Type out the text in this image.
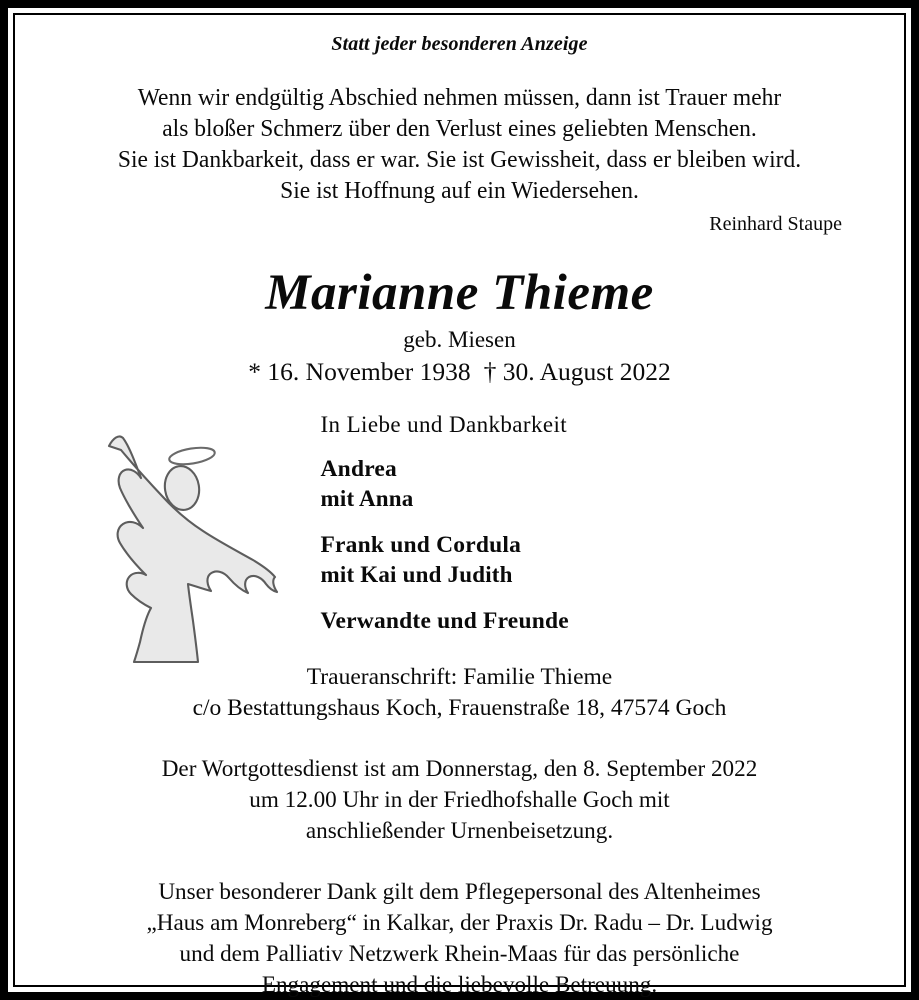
Statt jeder besonderen Anzeige
Wenn wir endgültig Abschied nehmen müssen, dann ist Trauer mehr
als bloßer Schmerz über den Verlust eines geliebten Menschen.
Sie ist Dankbarkeit, dass er war. Sie ist Gewissheit, dass er bleiben wird.
Sie ist Hoffnung auf ein Wiedersehen.
Reinhard Staupe
Marianne Thieme
geb. Miesen
* 16. November 1938 † 30. August 2022
In Liebe und Dankbarkeit
Andrea
mit Anna
Frank und Cordula
mit Kai und Judith
Verwandte und Freunde
Traueranschrift: Familie Thieme
c/o Bestattungshaus Koch, Frauenstraße 18, 47574 Goch
Der Wortgottesdienst ist am Donnerstag, den 8. September 2022
um 12.00 Uhr in der Friedhofshalle Goch mit
anschließender Urnenbeisetzung.
Unser besonderer Dank gilt dem Pflegepersonal des Altenheimes
„Haus am Monreberg“ in Kalkar, der Praxis Dr. Radu – Dr. Ludwig
und dem Palliativ Netzwerk Rhein-Maas für das persönliche
Engagement und die liebevolle Betreuung.
